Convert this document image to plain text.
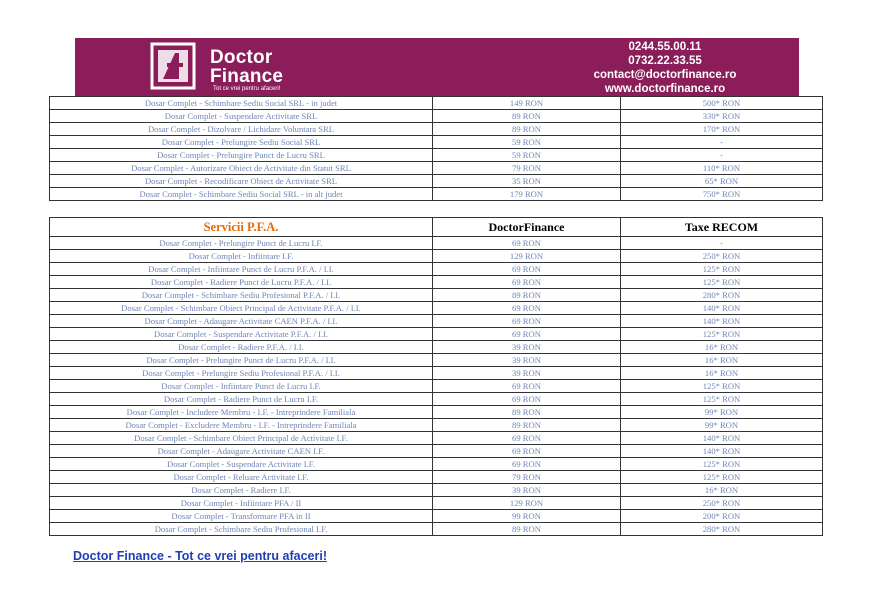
Doctor
Finance
Tot ce vrei pentru afaceri!
0244.55.00.11
0732.22.33.55
contact@doctorfinance.ro
www.doctorfinance.ro
Dosar Complet - Schimbare Sediu Social SRL - in judet	149 RON	500* RON
Dosar Complet - Suspendare Activitate SRL	89 RON	330* RON
Dosar Complet - Dizolvare / Lichidare Voluntara SRL	89 RON	170* RON
Dosar Complet - Prelungire Sediu Social SRL	59 RON	-
Dosar Complet - Prelungire Punct de Lucru SRL	59 RON	-
Dosar Complet - Autorizare Obiect de Activitate din Statut SRL	79 RON	110* RON
Dosar Complet - Recodificare Obiect de Activitate SRL	35 RON	65* RON
Dosar Complet - Schimbare Sediu Social SRL - in alt judet	179 RON	750* RON
Servicii P.F.A.	DoctorFinance	Taxe RECOM
Dosar Complet - Prelungire Punct de Lucru I.F.	69 RON	-
Dosar Complet - Infiintare I.F.	129 RON	250* RON
Dosar Complet - Infiintare Punct de Lucru P.F.A. / I.I.	69 RON	125* RON
Dosar Complet - Radiere Punct de Lucru P.F.A. / I.I.	69 RON	125* RON
Dosar Complet - Schimbare Sediu Profesional P.F.A. / I.I.	89 RON	280* RON
Dosar Complet - Schimbare Obiect Principal de Activitate P.F.A. / I.I.	69 RON	140* RON
Dosar Complet - Adaugare Activitate CAEN P.F.A. / I.I.	69 RON	140* RON
Dosar Complet - Suspendare Activitate P.F.A. / I.I.	69 RON	125* RON
Dosar Complet - Radiere P.F.A. / I.I.	39 RON	16* RON
Dosar Complet - Prelungire Punct de Lucru P.F.A. / I.I.	39 RON	16* RON
Dosar Complet - Prelungire Sediu Profesional P.F.A. / I.I.	39 RON	16* RON
Dosar Complet - Infiintare Punct de Lucru I.F.	69 RON	125* RON
Dosar Complet - Radiere Punct de Lucru I.F.	69 RON	125* RON
Dosar Complet - Includere Membru - I.F. - Intreprindere Familiala	89 RON	99* RON
Dosar Complet - Excludere Membru - I.F. - Intreprindere Familiala	89 RON	99* RON
Dosar Complet - Schimbare Obiect Principal de Activitate I.F.	69 RON	140* RON
Dosar Complet - Adaugare Activitate CAEN I.F.	69 RON	140* RON
Dosar Complet - Suspendare Activitate I.F.	69 RON	125* RON
Dosar Complet - Reluare Activitate I.F.	79 RON	125* RON
Dosar Complet - Radiere I.F.	39 RON	16* RON
Dosar Complet - Infiintare PFA / II	129 RON	250* RON
Dosar Complet - Transformare PFA in II	99 RON	200* RON
Dosar Complet - Schimbare Sediu Profesional I.F.	89 RON	280* RON
Doctor Finance - Tot ce vrei pentru afaceri!
